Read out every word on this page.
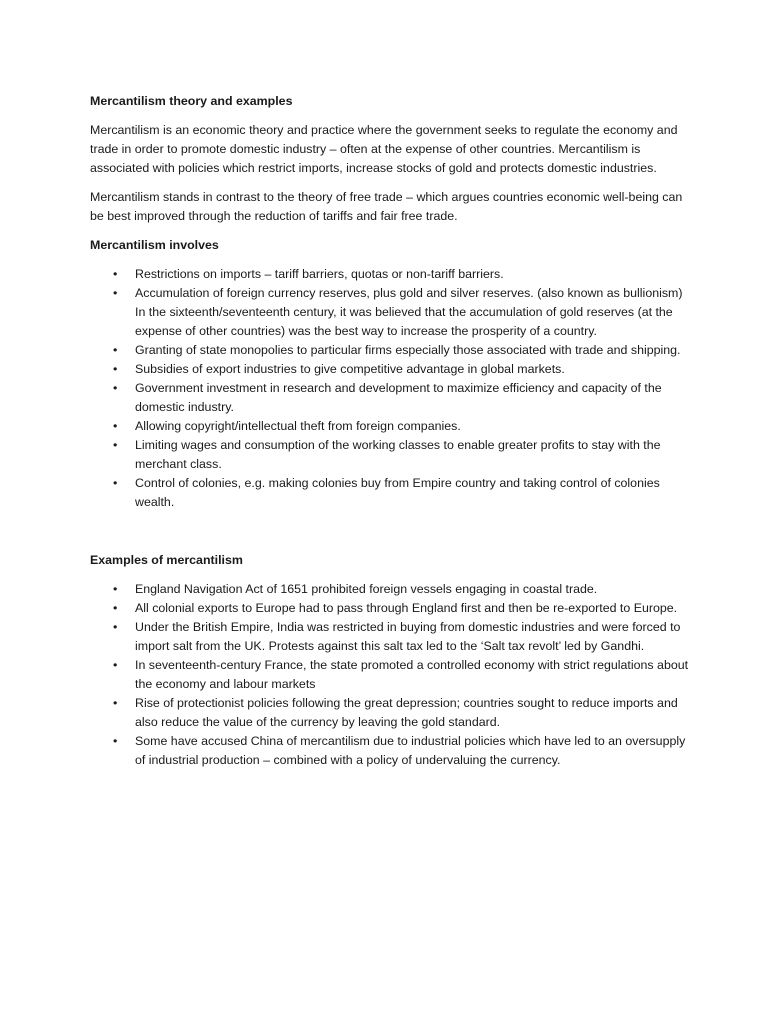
Mercantilism theory and examples

Mercantilism is an economic theory and practice where the government seeks to regulate the economy and trade in order to promote domestic industry – often at the expense of other countries. Mercantilism is associated with policies which restrict imports, increase stocks of gold and protects domestic industries.

Mercantilism stands in contrast to the theory of free trade – which argues countries economic well-being can be best improved through the reduction of tariffs and fair free trade.

Mercantilism involves
• Restrictions on imports – tariff barriers, quotas or non-tariff barriers.
• Accumulation of foreign currency reserves, plus gold and silver reserves. (also known as bullionism) In the sixteenth/seventeenth century, it was believed that the accumulation of gold reserves (at the expense of other countries) was the best way to increase the prosperity of a country.
• Granting of state monopolies to particular firms especially those associated with trade and shipping.
• Subsidies of export industries to give competitive advantage in global markets.
• Government investment in research and development to maximize efficiency and capacity of the domestic industry.
• Allowing copyright/intellectual theft from foreign companies.
• Limiting wages and consumption of the working classes to enable greater profits to stay with the merchant class.
• Control of colonies, e.g. making colonies buy from Empire country and taking control of colonies wealth.
Examples of mercantilism
• England Navigation Act of 1651 prohibited foreign vessels engaging in coastal trade.
• All colonial exports to Europe had to pass through England first and then be re-exported to Europe.
• Under the British Empire, India was restricted in buying from domestic industries and were forced to import salt from the UK. Protests against this salt tax led to the ‘Salt tax revolt’ led by Gandhi.
• In seventeenth-century France, the state promoted a controlled economy with strict regulations about the economy and labour markets
• Rise of protectionist policies following the great depression; countries sought to reduce imports and also reduce the value of the currency by leaving the gold standard.
• Some have accused China of mercantilism due to industrial policies which have led to an oversupply of industrial production – combined with a policy of undervaluing the currency.
